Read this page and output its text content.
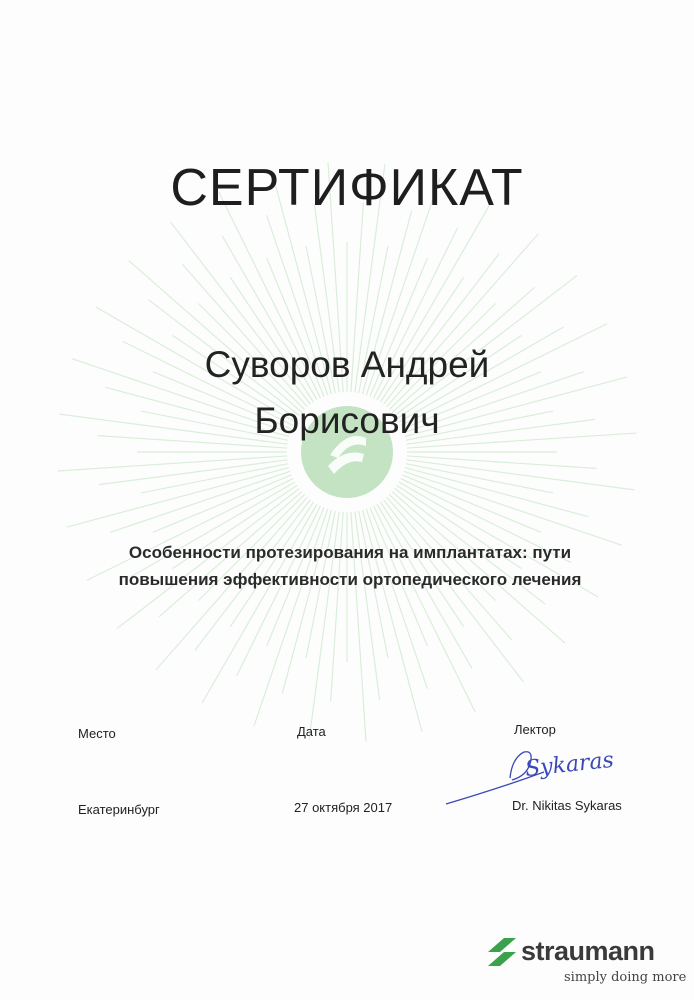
СЕРТИФИКАТ
Суворов Андрей
Борисович
Особенности протезирования на имплантатах: пути
повышения эффективности ортопедического лечения
Место	Дата	Лектор
Sykaras
Екатеринбург	27 октября 2017	Dr. Nikitas Sykaras
straumann
simply doing more
